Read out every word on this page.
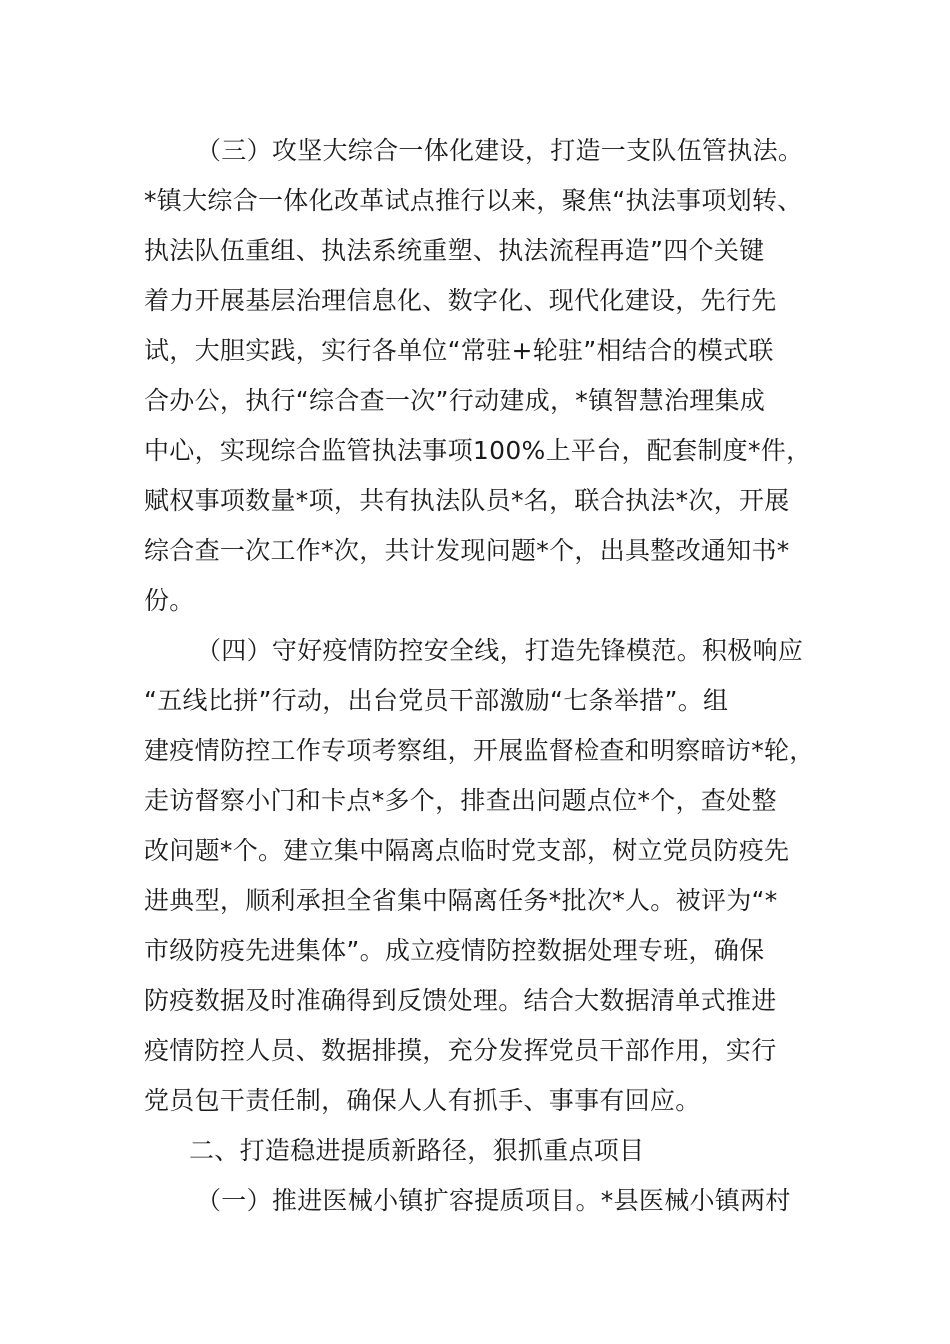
（三）攻坚大综合一体化建设，打造一支队伍管执法。
*镇大综合一体化改革试点推行以来，聚焦“执法事项划转、
执法队伍重组、执法系统重塑、执法流程再造”四个关键
着力开展基层治理信息化、数字化、现代化建设，先行先
试，大胆实践，实行各单位“常驻+轮驻”相结合的模式联
合办公，执行“综合查一次”行动建成，*镇智慧治理集成
中心，实现综合监管执法事项100%上平台，配套制度*件，
赋权事项数量*项，共有执法队员*名，联合执法*次，开展
综合查一次工作*次，共计发现问题*个，出具整改通知书*
份。
（四）守好疫情防控安全线，打造先锋模范。积极响应
“五线比拼”行动，出台党员干部激励“七条举措”。组
建疫情防控工作专项考察组，开展监督检查和明察暗访*轮，
走访督察小门和卡点*多个，排查出问题点位*个，查处整
改问题*个。建立集中隔离点临时党支部，树立党员防疫先
进典型，顺利承担全省集中隔离任务*批次*人。被评为“*
市级防疫先进集体”。成立疫情防控数据处理专班，确保
防疫数据及时准确得到反馈处理。结合大数据清单式推进
疫情防控人员、数据排摸，充分发挥党员干部作用，实行
党员包干责任制，确保人人有抓手、事事有回应。
二、打造稳进提质新路径，狠抓重点项目
（一）推进医械小镇扩容提质项目。*县医械小镇两村
